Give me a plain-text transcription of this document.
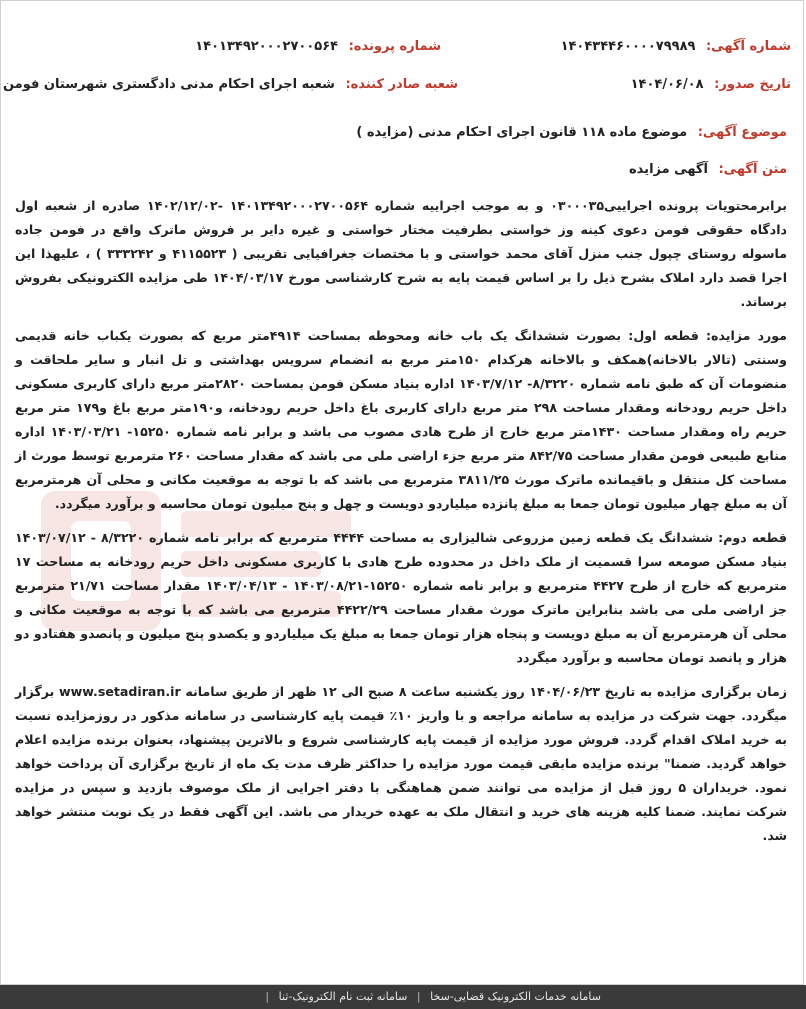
شماره آگهی: ۱۴۰۴۳۴۴۶۰۰۰۰۷۹۹۸۹
شماره پرونده: ۱۴۰۱۳۴۹۲۰۰۰۲۷۰۰۵۶۴
تاریخ صدور: ۱۴۰۴/۰۶/۰۸
شعبه صادر کننده: شعبه اجرای احکام مدنی دادگستری شهرستان فومن
موضوع آگهی: موضوع ماده ۱۱۸ قانون اجرای احکام مدنی (مزایده )
متن آگهی: آگهی مزایده

برابرمحتویات پرونده اجراییی۰۳۰۰۰۳۵ و به موجب اجراییه شماره ۱۴۰۱۳۴۹۲۰۰۰۲۷۰۰۵۶۴ -۱۴۰۲/۱۲/۰۲ صادره از شعبه اول دادگاه حقوقی فومن دعوی کینه وز خواستی بطرفیت مختار خواستی و غیره دایر بر فروش ماترک واقع در فومن جاده ماسوله روستای چپول جنب منزل آقای محمد خواستی و با مختصات جغرافیایی تقریبی ( ۴۱۱۵۵۲۳ و ۳۳۳۲۴۲ ) ، علیهذا این اجرا قصد دارد املاک بشرح ذیل را بر اساس قیمت پایه به شرح کارشناسی مورخ ۱۴۰۴/۰۳/۱۷ طی مزایده الکترونیکی بفروش برساند.

مورد مزایده: قطعه اول: بصورت ششدانگ یک باب خانه ومحوطه بمساحت ۴۹۱۴متر مربع که بصورت یکباب خانه قدیمی وسنتی (تالار بالاخانه)همکف و بالاخانه هرکدام ۱۵۰متر مربع به انضمام سرویس بهداشتی و تل انبار و سایر ملحاقت و منضومات آن که طبق نامه شماره ۸/۳۲۲۰- ۱۴۰۳/۷/۱۲ اداره بنیاد مسکن فومن بمساحت ۲۸۲۰متر مربع دارای کاربری مسکونی داخل حریم رودخانه ومقدار مساحت ۲۹۸ متر مربع دارای کاربری باغ داخل حریم رودخانه، و۱۹۰متر مربع باغ و۱۷۹ متر مربع حریم راه ومقدار مساحت ۱۴۳۰متر مربع خارج از طرح هادی مصوب می باشد و برابر نامه شماره ۱۵۲۵۰- ۱۴۰۳/۰۳/۲۱ اداره منابع طبیعی فومن مقدار مساحت ۸۴۲/۷۵ متر مربع جزء اراضی ملی می باشد که مقدار مساحت ۲۶۰ مترمربع توسط مورث از مساحت کل منتقل و باقیمانده ماترک مورث ۳۸۱۱/۲۵ مترمربع می باشد که با توجه به موقعیت مکانی و محلی آن هرمترمربع آن به مبلغ چهار میلیون تومان جمعا به مبلغ پانزده میلیاردو دویست و چهل و پنج میلیون تومان محاسبه و برآورد میگردد.

قطعه دوم: ششدانگ یک قطعه زمین مزروعی شالیزاری به مساحت ۴۴۴۴ مترمربع که برابر نامه شماره ۸/۳۲۲۰ - ۱۴۰۳/۰۷/۱۲ بنیاد مسکن صومعه سرا قسمیت از ملک داخل در محدوده طرح هادی با کاربری مسکونی داخل حریم رودخانه به مساحت ۱۷ مترمربع که خارج از طرح ۴۴۲۷ مترمربع و برابر نامه شماره ۱۵۲۵۰-۱۴۰۳/۰۸/۲۱ - ۱۴۰۳/۰۴/۱۳ مقدار مساحت ۲۱/۷۱ مترمربع جز اراضی ملی می باشد بنابراین ماترک مورث مقدار مساحت ۴۴۲۲/۲۹ مترمربع می باشد که با توجه به موقعیت مکانی و محلی آن هرمترمربع آن به مبلغ دویست و پنجاه هزار تومان جمعا به مبلغ یک میلیاردو و یکصدو پنج میلیون و پانصدو هفتادو دو هزار و پانصد تومان محاسبه و برآورد میگردد

زمان برگزاری مزایده به تاریخ ۱۴۰۴/۰۶/۲۳ روز یکشنبه ساعت ۸ صبح الی ۱۲ ظهر از طریق سامانه www.setadiran.ir برگزار میگردد. جهت شرکت در مزایده به سامانه مراجعه و با واریز ۱۰٪ قیمت پایه کارشناسی در سامانه مذکور در روزمزایده نسبت به خرید املاک اقدام گردد. فروش مورد مزایده از قیمت پایه کارشناسی شروع و بالاترین پیشنهاد، بعنوان برنده مزایده اعلام خواهد گردید. ضمنا" برنده مزایده مابقی قیمت مورد مزایده را حداکثر ظرف مدت یک ماه از تاریخ برگزاری آن پرداخت خواهد نمود. خریداران ۵ روز قبل از مزایده می توانند ضمن هماهنگی با دفتر اجرایی از ملک موصوف بازدید و سپس در مزایده شرکت نمایند. ضمنا کلیه هزینه های خرید و انتقال ملک به عهده خریدار می باشد. این آگهی فقط در یک نوبت منتشر خواهد شد.

سامانه خدمات الکترونیک قضایی-سخا | سامانه ثبت نام الکترونیک-ثنا |
